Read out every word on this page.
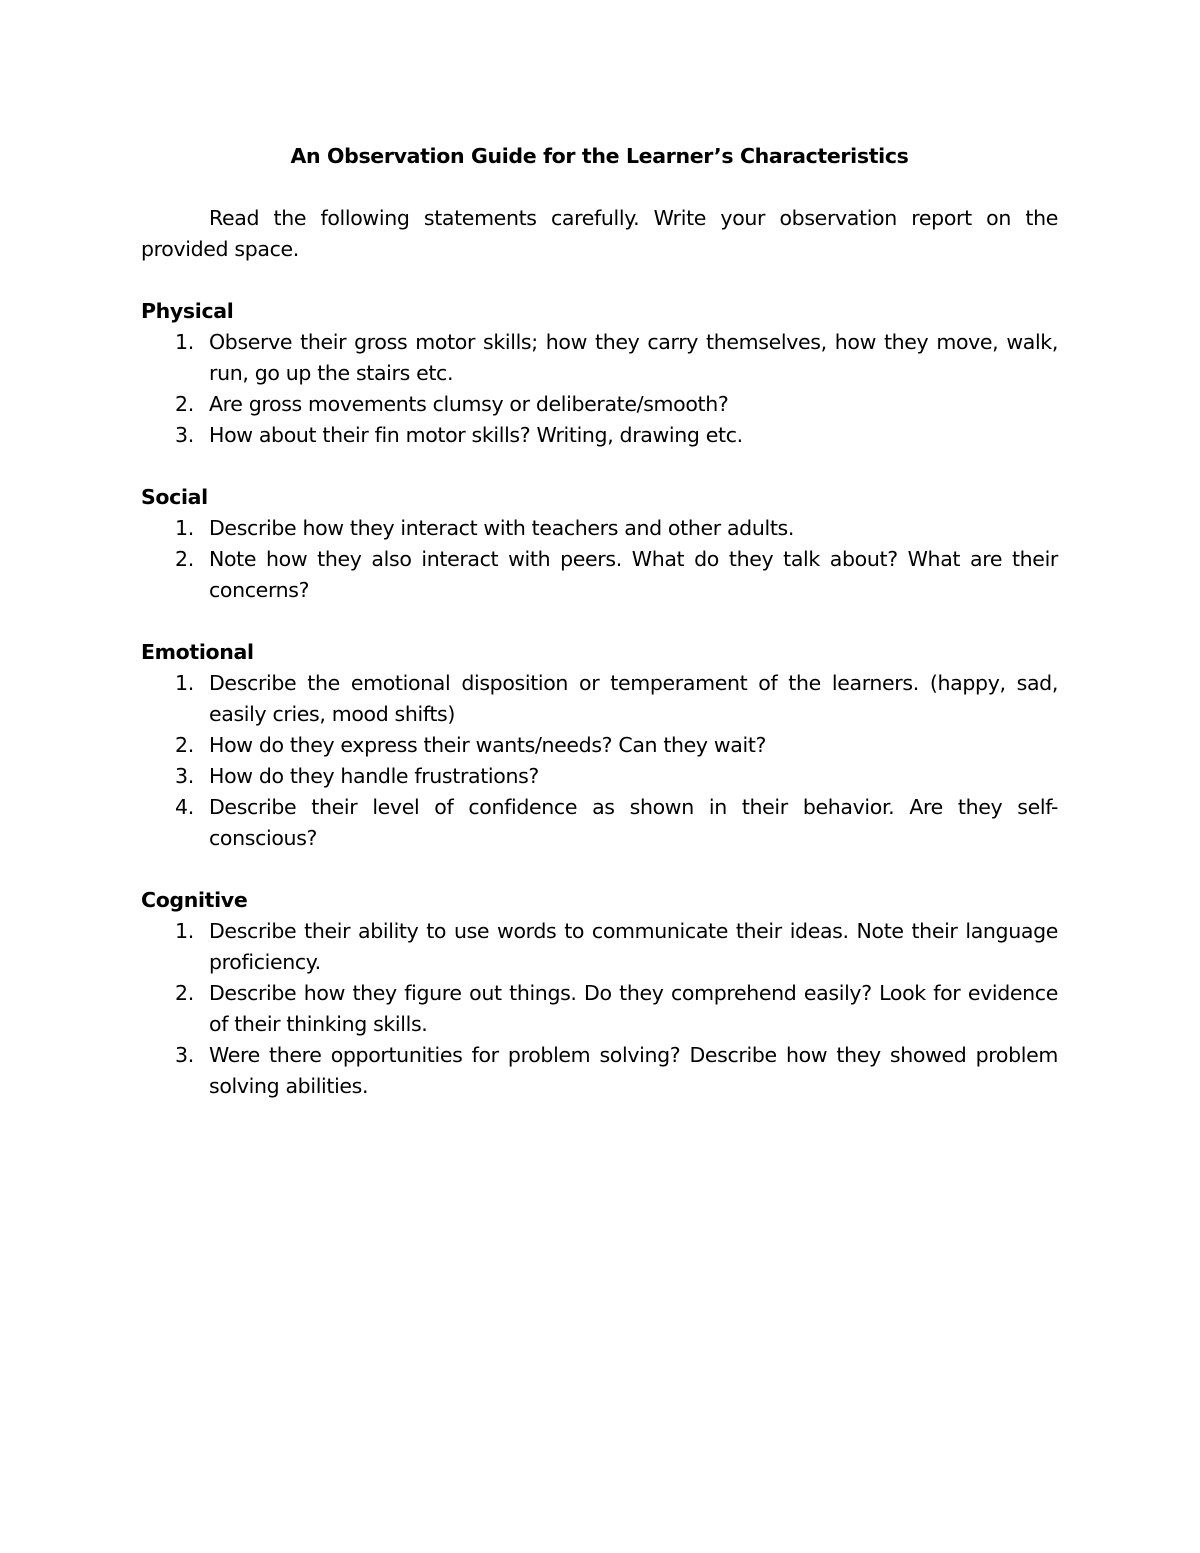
An Observation Guide for the Learner’s Characteristics

Read the following statements carefully. Write your observation report on the provided space.

Physical
1. Observe their gross motor skills; how they carry themselves, how they move, walk, run, go up the stairs etc.
2. Are gross movements clumsy or deliberate/smooth?
3. How about their fin motor skills? Writing, drawing etc.
Social
1. Describe how they interact with teachers and other adults.
2. Note how they also interact with peers. What do they talk about? What are their concerns?
Emotional
1. Describe the emotional disposition or temperament of the learners. (happy, sad, easily cries, mood shifts)
2. How do they express their wants/needs? Can they wait?
3. How do they handle frustrations?
4. Describe their level of confidence as shown in their behavior. Are they self-conscious?
Cognitive
1. Describe their ability to use words to communicate their ideas. Note their language proficiency.
2. Describe how they figure out things. Do they comprehend easily? Look for evidence of their thinking skills.
3. Were there opportunities for problem solving? Describe how they showed problem solving abilities.
